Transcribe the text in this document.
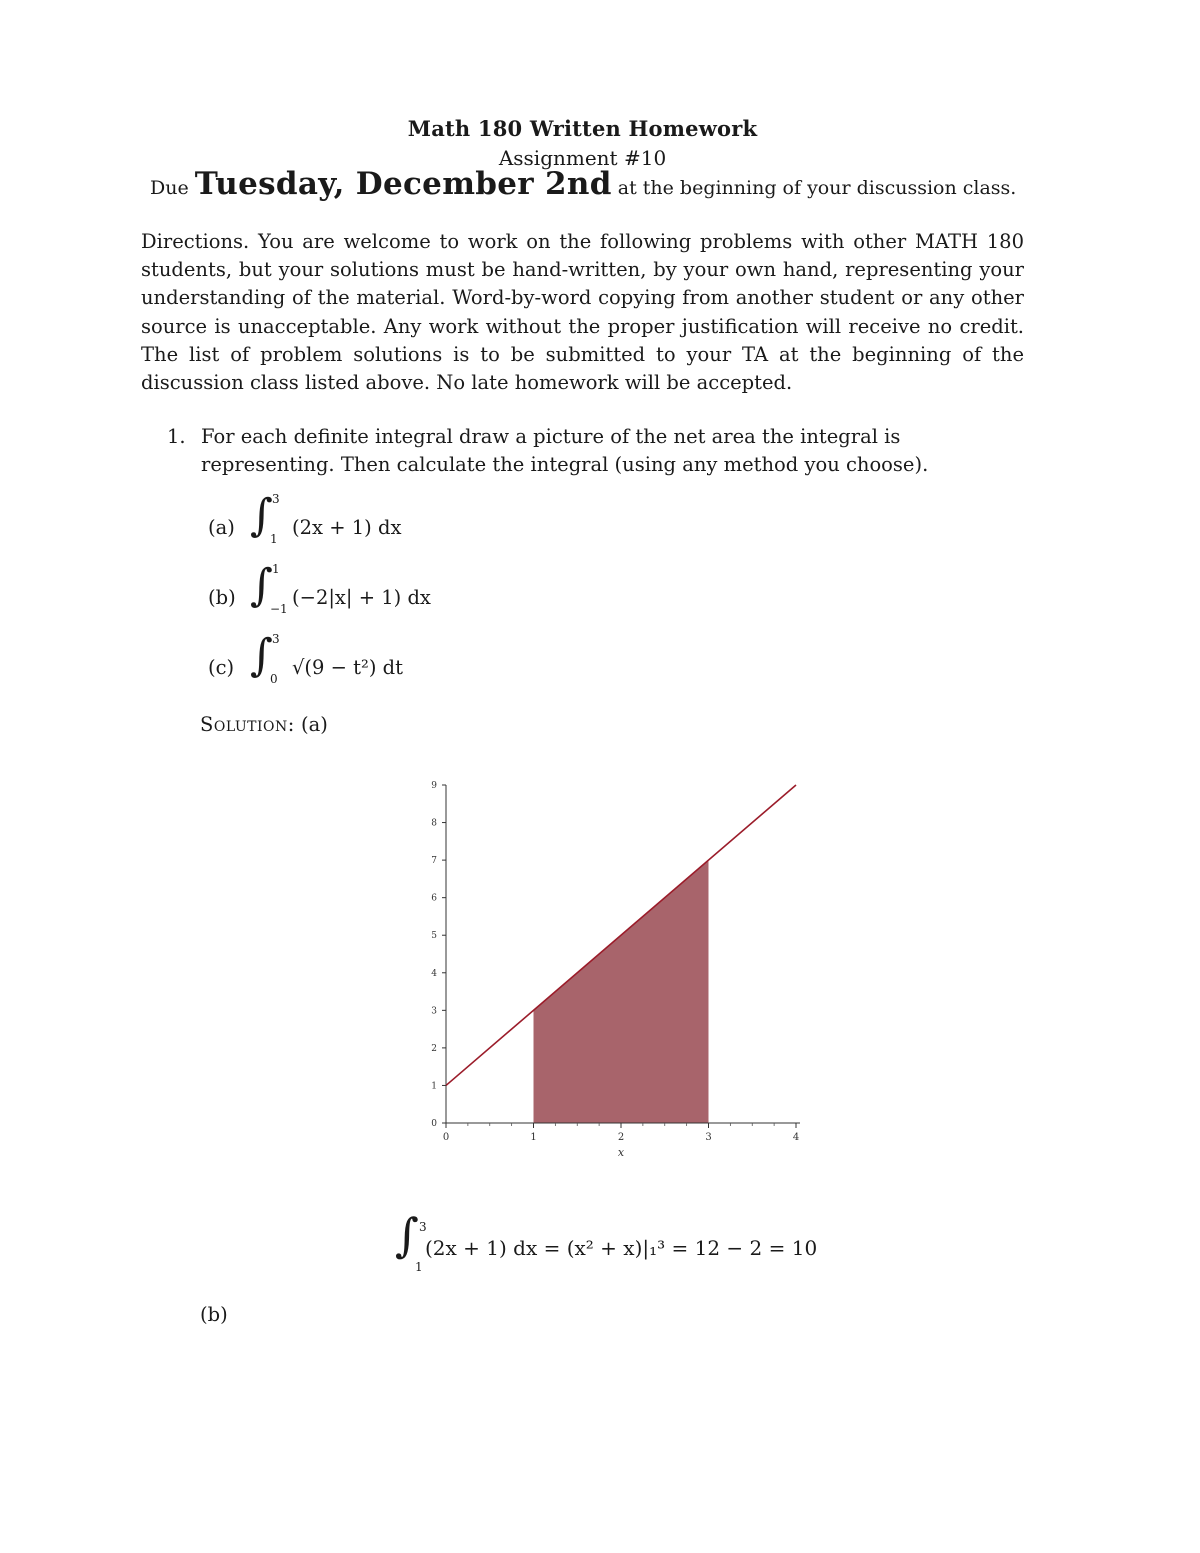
Math 180 Written Homework
Assignment #10
Due Tuesday, December 2nd at the beginning of your discussion class.
Directions. You are welcome to work on the following problems with other MATH 180 students, but your solutions must be hand-written, by your own hand, representing your understanding of the material. Word-by-word copying from another student or any other source is unacceptable. Any work without the proper justification will receive no credit. The list of problem solutions is to be submitted to your TA at the beginning of the discussion class listed above. No late homework will be accepted.
1. For each definite integral draw a picture of the net area the integral is representing. Then calculate the integral (using any method you choose).
(a) ∫ 3
1 (2x + 1) dx
(b) ∫ 1
−1 (−2|x| + 1) dx
(c) ∫ 3
0 √(9 − t²) dt
Solution: (a)
0	1	2	3	4
x
0
1
2
3
4
5
6
7
8
9
∫ 3
1
(2x + 1) dx = (x² + x)|₁³ = 12 − 2 = 10
(b)
